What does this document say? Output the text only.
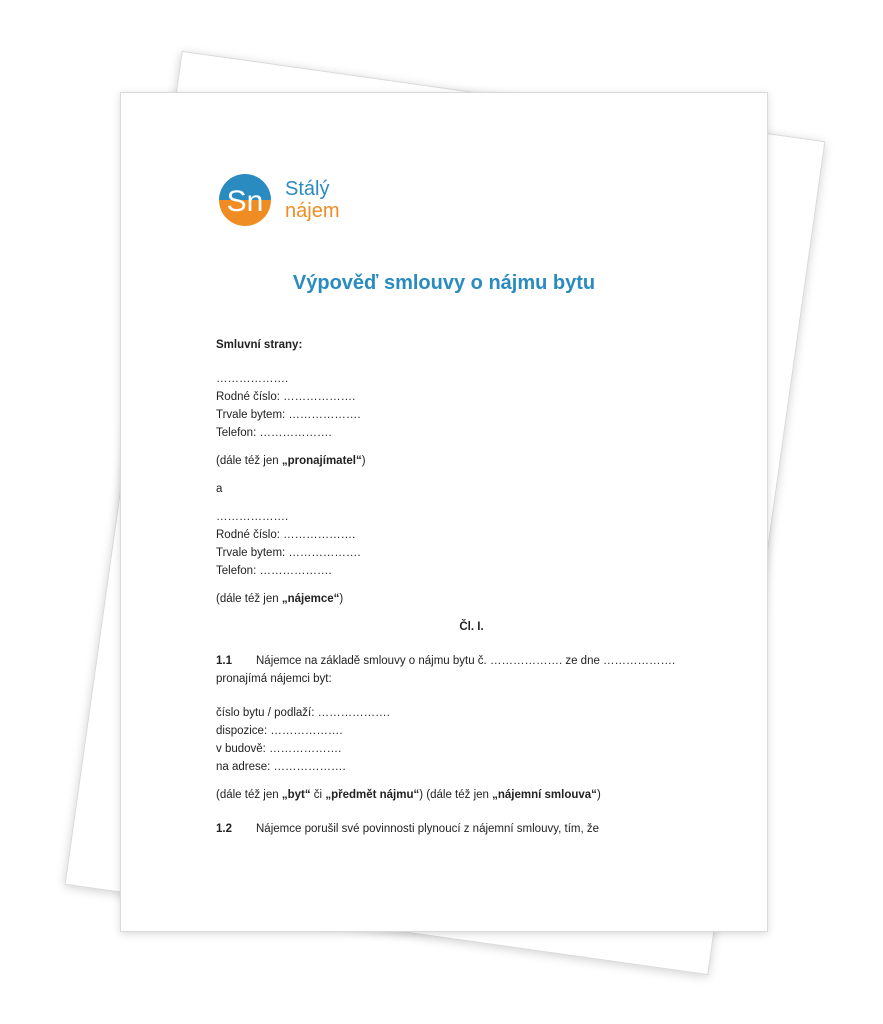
Sn Stálý
nájem
Výpověď smlouvy o nájmu bytu

Smluvní strany:

……………….

Rodné číslo: ……………….

Trvale bytem: ……………….

Telefon: ……………….

(dále též jen „pronajímatel“)

a

……………….

Rodné číslo: ……………….

Trvale bytem: ……………….

Telefon: ……………….

(dále též jen „nájemce“)

Čl. I.

1.1 Nájemce na základě smlouvy o nájmu bytu č. ………………. ze dne ……………….

pronajímá nájemci byt:

číslo bytu / podlaží: ……………….

dispozice: ……………….

v budově: ……………….

na adrese: ……………….

(dále též jen „byt“ či „předmět nájmu“) (dále též jen „nájemní smlouva“)

1.2 Nájemce porušil své povinnosti plynoucí z nájemní smlouvy, tím, že
